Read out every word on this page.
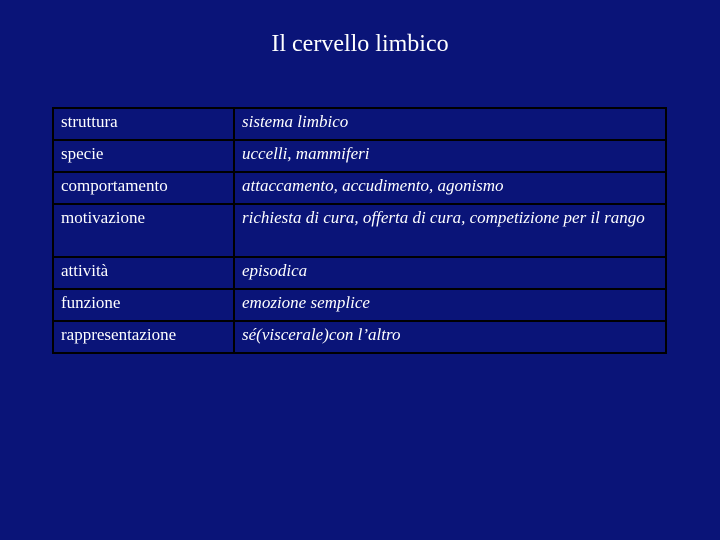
Il cervello limbico
struttura	sistema limbico
specie	uccelli, mammiferi
comportamento	attaccamento, accudimento, agonismo
motivazione	richiesta di cura, offerta di cura, competizione per il rango
attività	episodica
funzione	emozione semplice
rappresentazione	sé(viscerale)con l’altro
